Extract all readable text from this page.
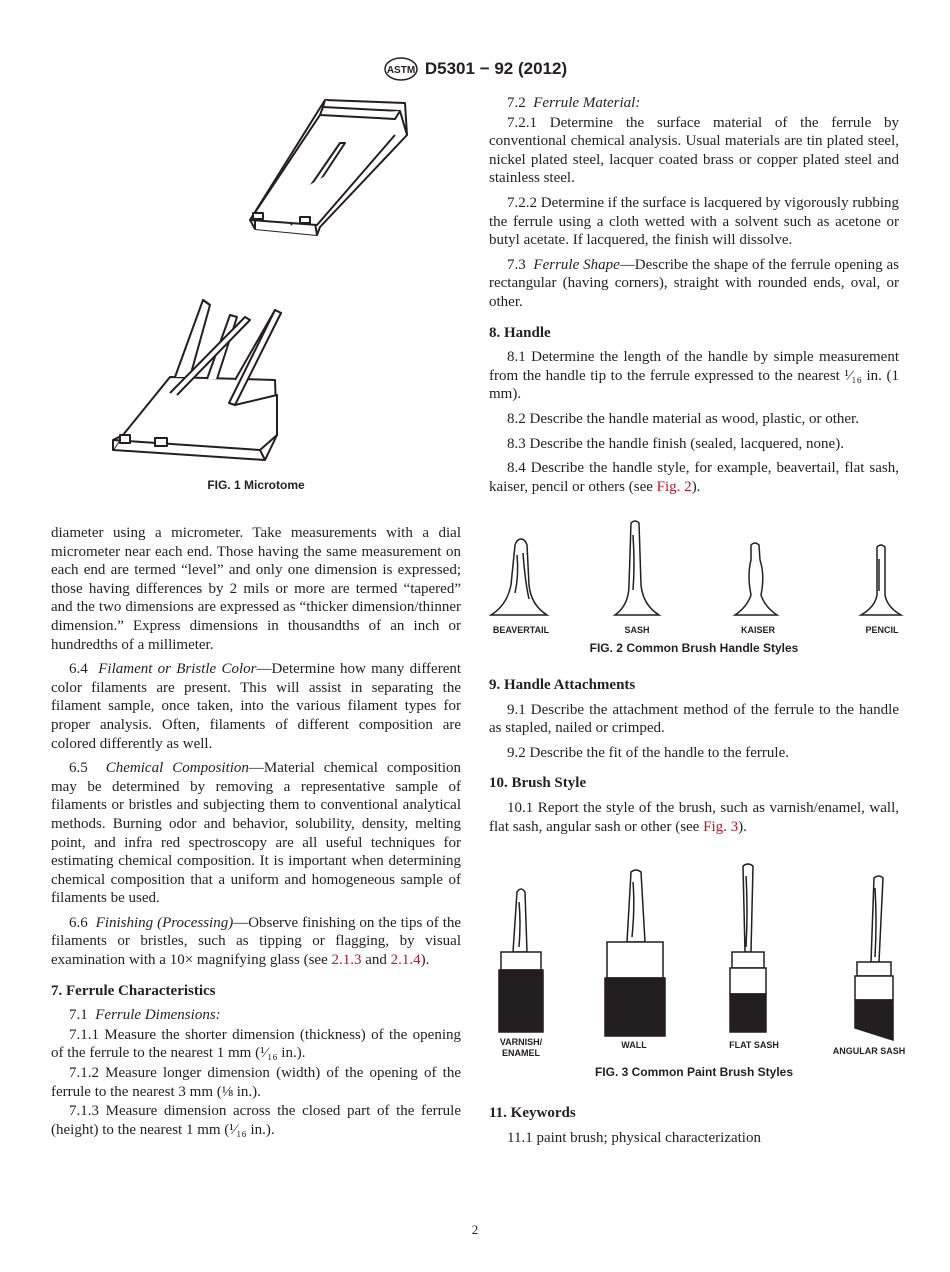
ASTM D5301 − 92 (2012)
FIG. 1 Microtome

diameter using a micrometer. Take measurements with a dial micrometer near each end. Those having the same measurement on each end are termed “level” and only one dimension is expressed; those having differences by 2 mils or more are termed “tapered” and the two dimensions are expressed as “thicker dimension/thinner dimension.” Express dimensions in thousandths of an inch or hundredths of a millimeter.

6.4 Filament or Bristle Color—Determine how many different color filaments are present. This will assist in separating the filament sample, once taken, into the various filament types for proper analysis. Often, filaments of different composition are colored differently as well.

6.5 Chemical Composition—Material chemical composition may be determined by removing a representative sample of filaments or bristles and subjecting them to conventional analytical methods. Burning odor and behavior, solubility, density, melting point, and infra red spectroscopy are all useful techniques for estimating chemical composition. It is important when determining chemical composition that a uniform and homogeneous sample of filaments be used.

6.6 Finishing (Processing)—Observe finishing on the tips of the filaments or bristles, such as tipping or flagging, by visual examination with a 10× magnifying glass (see 2.1.3 and 2.1.4).

7. Ferrule Characteristics

7.1 Ferrule Dimensions:

7.1.1 Measure the shorter dimension (thickness) of the opening of the ferrule to the nearest 1 mm (¹⁄₁₆ in.).

7.1.2 Measure longer dimension (width) of the opening of the ferrule to the nearest 3 mm (⅛ in.).

7.1.3 Measure dimension across the closed part of the ferrule (height) to the nearest 1 mm (¹⁄₁₆ in.).

7.2 Ferrule Material:

7.2.1 Determine the surface material of the ferrule by conventional chemical analysis. Usual materials are tin plated steel, nickel plated steel, lacquer coated brass or copper plated steel and stainless steel.

7.2.2 Determine if the surface is lacquered by vigorously rubbing the ferrule using a cloth wetted with a solvent such as acetone or butyl acetate. If lacquered, the finish will dissolve.

7.3 Ferrule Shape—Describe the shape of the ferrule opening as rectangular (having corners), straight with rounded ends, oval, or other.

8. Handle

8.1 Determine the length of the handle by simple measurement from the handle tip to the ferrule expressed to the nearest ¹⁄₁₆ in. (1 mm).

8.2 Describe the handle material as wood, plastic, or other.

8.3 Describe the handle finish (sealed, lacquered, none).

8.4 Describe the handle style, for example, beavertail, flat sash, kaiser, pencil or others (see Fig. 2).

BEAVERTAIL	SASH	KAISER	PENCIL
FIG. 2 Common Brush Handle Styles
9. Handle Attachments

9.1 Describe the attachment method of the ferrule to the handle as stapled, nailed or crimped.

9.2 Describe the fit of the handle to the ferrule.

10. Brush Style

10.1 Report the style of the brush, such as varnish/enamel, wall, flat sash, angular sash or other (see Fig. 3).

VARNISH/
ENAMEL
WALL	FLAT SASH
ANGULAR SASH
FIG. 3 Common Paint Brush Styles
11. Keywords

11.1 paint brush; physical characterization

2
